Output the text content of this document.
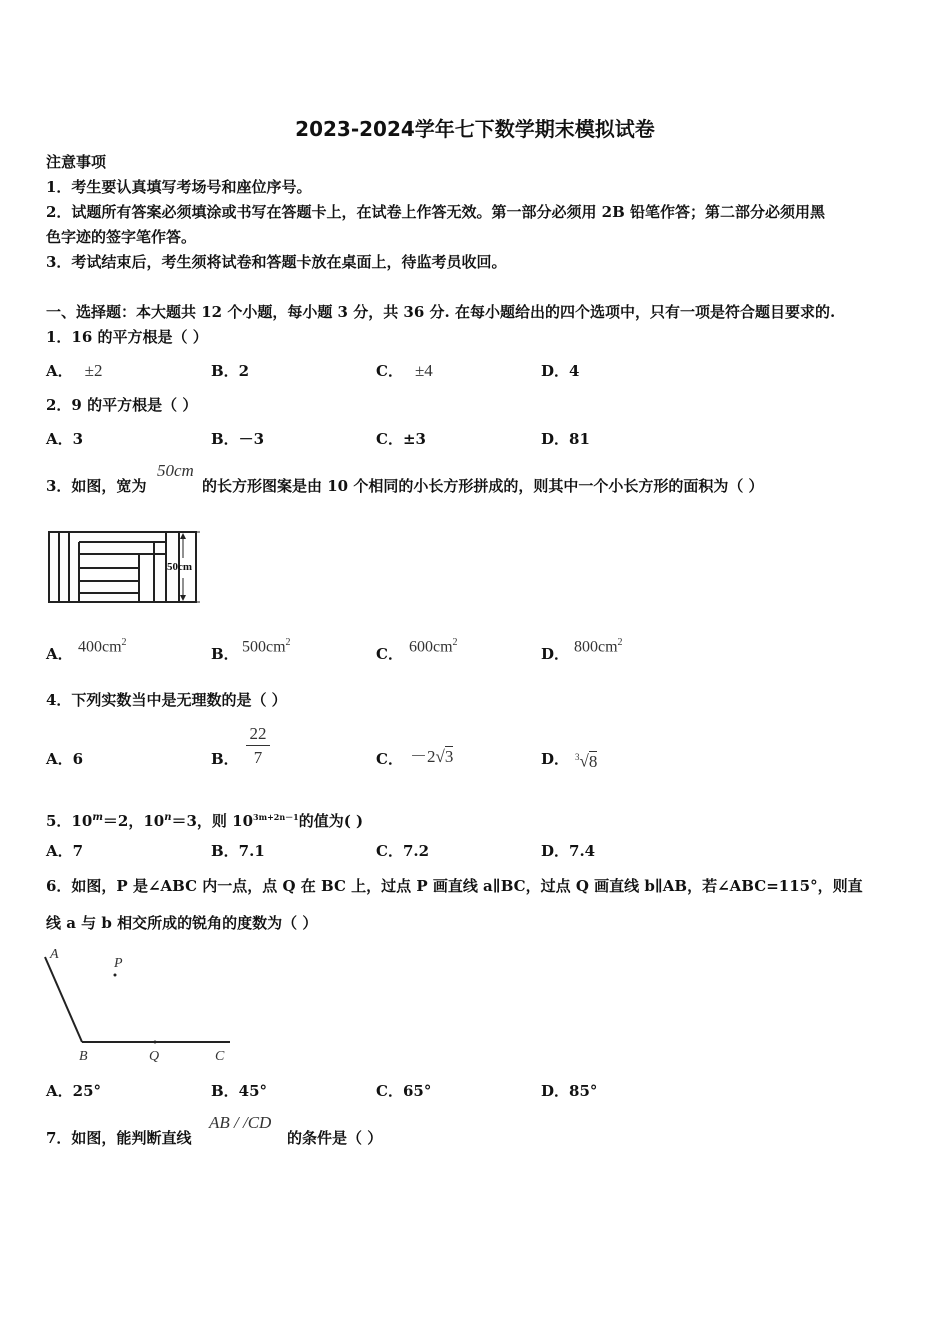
2023-2024学年七下数学期末模拟试卷
注意事项
1．考生要认真填写考场号和座位序号。
2．试题所有答案必须填涂或书写在答题卡上，在试卷上作答无效。第一部分必须用 2B 铅笔作答；第二部分必须用黑
色字迹的签字笔作答。
3．考试结束后，考生须将试卷和答题卡放在桌面上，待监考员收回。
一、选择题：本大题共 12 个小题，每小题 3 分，共 36 分. 在每小题给出的四个选项中，只有一项是符合题目要求的.
1．16 的平方根是（ ）
A． ±2	B．2	C． ±4	D．4
2．9 的平方根是（ ）
A．3	B．－3	C．±3	D．81
3．如图，宽为
50cm
的长方形图案是由 10 个相同的小长方形拼成的，则其中一个小长方形的面积为（ ）
50cm
A． $400cm^2$
B． $500cm^2$
C． $600cm^2$
D． $800cm^2$
4．下列实数当中是无理数的是（ ）
A．6	B．
22
7	C． －2√3	D． $^3$√8
5．$10^m=2$，$10^n=3$，则 $10^{3m+2n-1}$的值为( )
A．7	B．7.1	C．7.2	D．7.4
6．如图，P 是∠ABC 内一点，点 Q 在 BC 上，过点 P 画直线 a∥BC，过点 Q 画直线 b∥AB，若∠ABC=115°，则直
线 a 与 b 相交所成的锐角的度数为（ ）
A
P
B	Q	C
A．25°	B．45°	C．65°	D．85°
7．如图，能判断直线
AB / /CD
的条件是（ ）
